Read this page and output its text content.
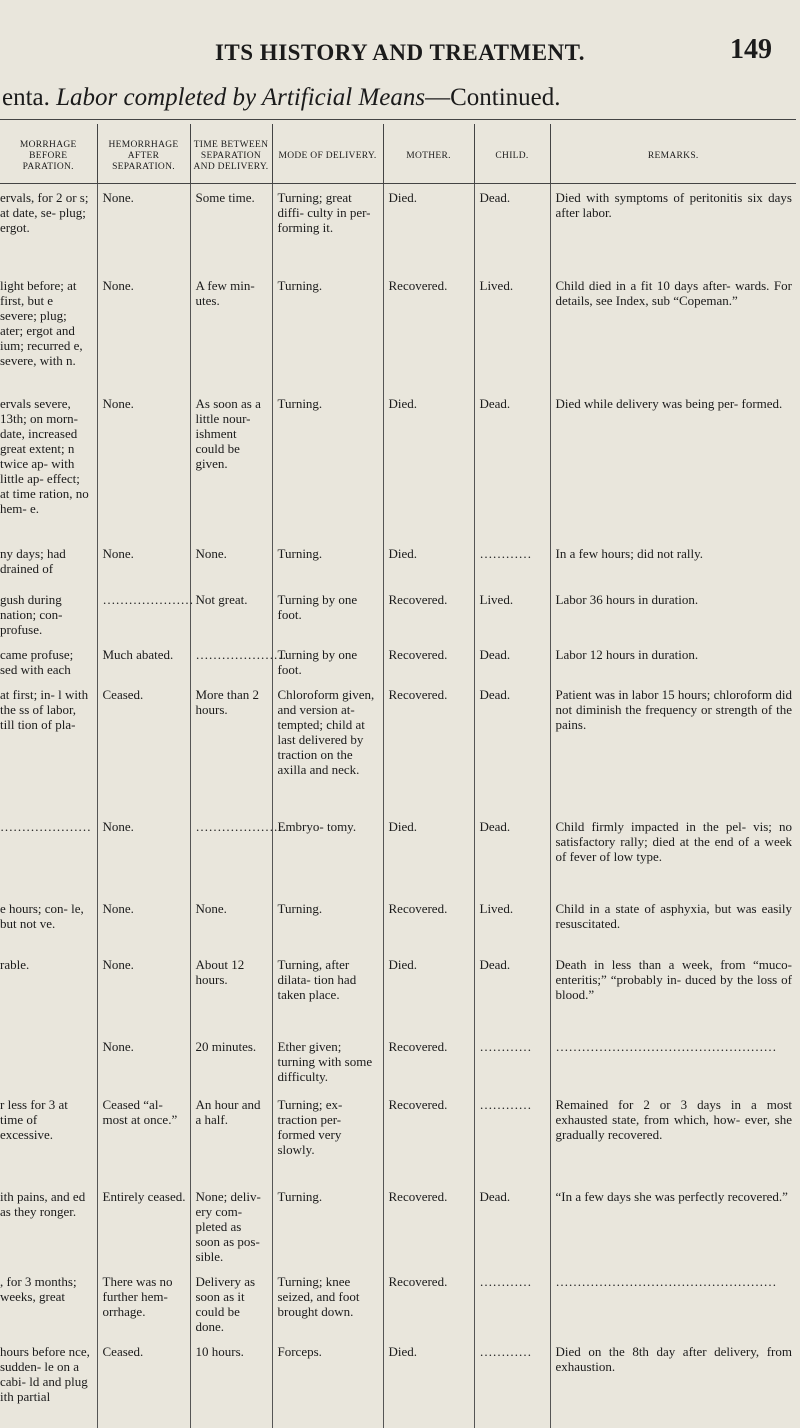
ITS HISTORY AND TREATMENT.	149
enta. Labor completed by Artificial Means—Continued.
MORRHAGE BEFORE PARATION.	HEMORRHAGE AFTER SEPARATION.	TIME BETWEEN SEPARATION AND DELIVERY.	MODE OF DELIVERY.	MOTHER.	CHILD.	REMARKS.
ervals, for 2 or s; at date, se- plug; ergot.	None.	Some time.	Turning; great diffi- culty in per- forming it.	Died.	Dead.	Died with symptoms of peritonitis six days after labor.
light before; at first, but e severe; plug; ater; ergot and ium; recurred e, severe, with n.	None.	A few min- utes.	Turning.	Recovered.	Lived.	Child died in a fit 10 days after- wards. For details, see Index, sub “Copeman.”
ervals severe, 13th; on morn- date, increased great extent; n twice ap- with little ap- effect; at time ration, no hem- e.	None.	As soon as a little nour- ishment could be given.	Turning.	Died.	Dead.	Died while delivery was being per- formed.
ny days; had drained of	None.	None.	Turning.	Died.	…………	In a few hours; did not rally.
gush during nation; con- profuse.	…………………	Not great.	Turning by one foot.	Recovered.	Lived.	Labor 36 hours in duration.
came profuse; sed with each	Much abated.	…………………	Turning by one foot.	Recovered.	Dead.	Labor 12 hours in duration.
at first; in- l with the ss of labor, till tion of pla-	Ceased.	More than 2 hours.	Chloroform given, and version at- tempted; child at last delivered by traction on the axilla and neck.	Recovered.	Dead.	Patient was in labor 15 hours; chloroform did not diminish the frequency or strength of the pains.
…………………	None.	…………………	Embryo- tomy.	Died.	Dead.	Child firmly impacted in the pel- vis; no satisfactory rally; died at the end of a week of fever of low type.
e hours; con- le, but not ve.	None.	None.	Turning.	Recovered.	Lived.	Child in a state of asphyxia, but was easily resuscitated.
rable.	None.	About 12 hours.	Turning, after dilata- tion had taken place.	Died.	Dead.	Death in less than a week, from “muco-enteritis;” “probably in- duced by the loss of blood.”
	None.	20 minutes.	Ether given; turning with some difficulty.	Recovered.	…………	……………………………………………
r less for 3 at time of excessive.	Ceased “al- most at once.”	An hour and a half.	Turning; ex- traction per- formed very slowly.	Recovered.	…………	Remained for 2 or 3 days in a most exhausted state, from which, how- ever, she gradually recovered.
ith pains, and ed as they ronger.	Entirely ceased.	None; deliv- ery com- pleted as soon as pos- sible.	Turning.	Recovered.	Dead.	“In a few days she was perfectly recovered.”
, for 3 months; weeks, great	There was no further hem- orrhage.	Delivery as soon as it could be done.	Turning; knee seized, and foot brought down.	Recovered.	…………	……………………………………………
hours before nce, sudden- le on a cabi- ld and plug ith partial	Ceased.	10 hours.	Forceps.	Died.	…………	Died on the 8th day after delivery, from exhaustion.
